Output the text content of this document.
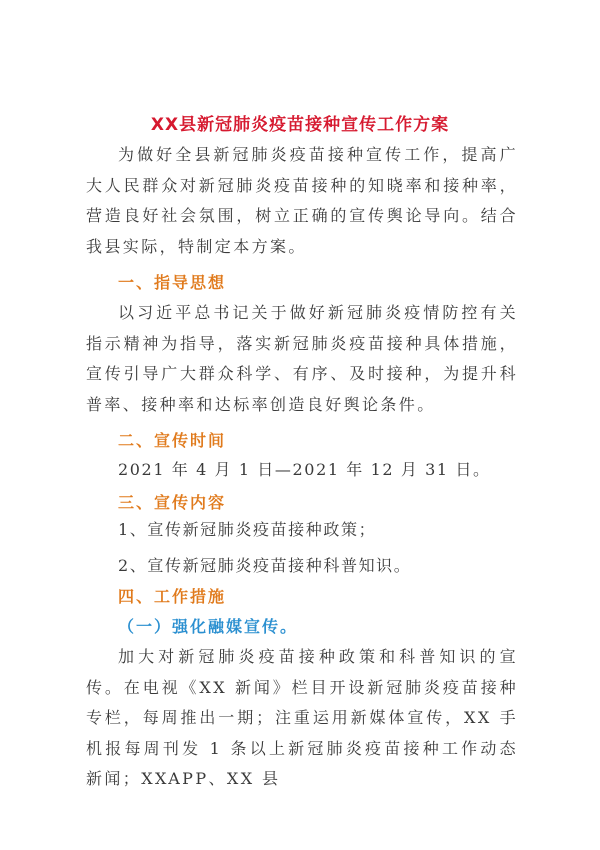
XX县新冠肺炎疫苗接种宣传工作方案

为做好全县新冠肺炎疫苗接种宣传工作，提高广大人民群众对新冠肺炎疫苗接种的知晓率和接种率，营造良好社会氛围，树立正确的宣传舆论导向。结合我县实际，特制定本方案。

一、指导思想

以习近平总书记关于做好新冠肺炎疫情防控有关指示精神为指导，落实新冠肺炎疫苗接种具体措施，宣传引导广大群众科学、有序、及时接种，为提升科普率、接种率和达标率创造良好舆论条件。

二、宣传时间

2021 年 4 月 1 日—2021 年 12 月 31 日。

三、宣传内容

1、宣传新冠肺炎疫苗接种政策；

2、宣传新冠肺炎疫苗接种科普知识。

四、工作措施
（一）强化融媒宣传。

加大对新冠肺炎疫苗接种政策和科普知识的宣传。在电视《XX 新闻》栏目开设新冠肺炎疫苗接种专栏，每周推出一期；注重运用新媒体宣传，XX 手机报每周刊发 1 条以上新冠肺炎疫苗接种工作动态新闻；XXAPP、XX 县
